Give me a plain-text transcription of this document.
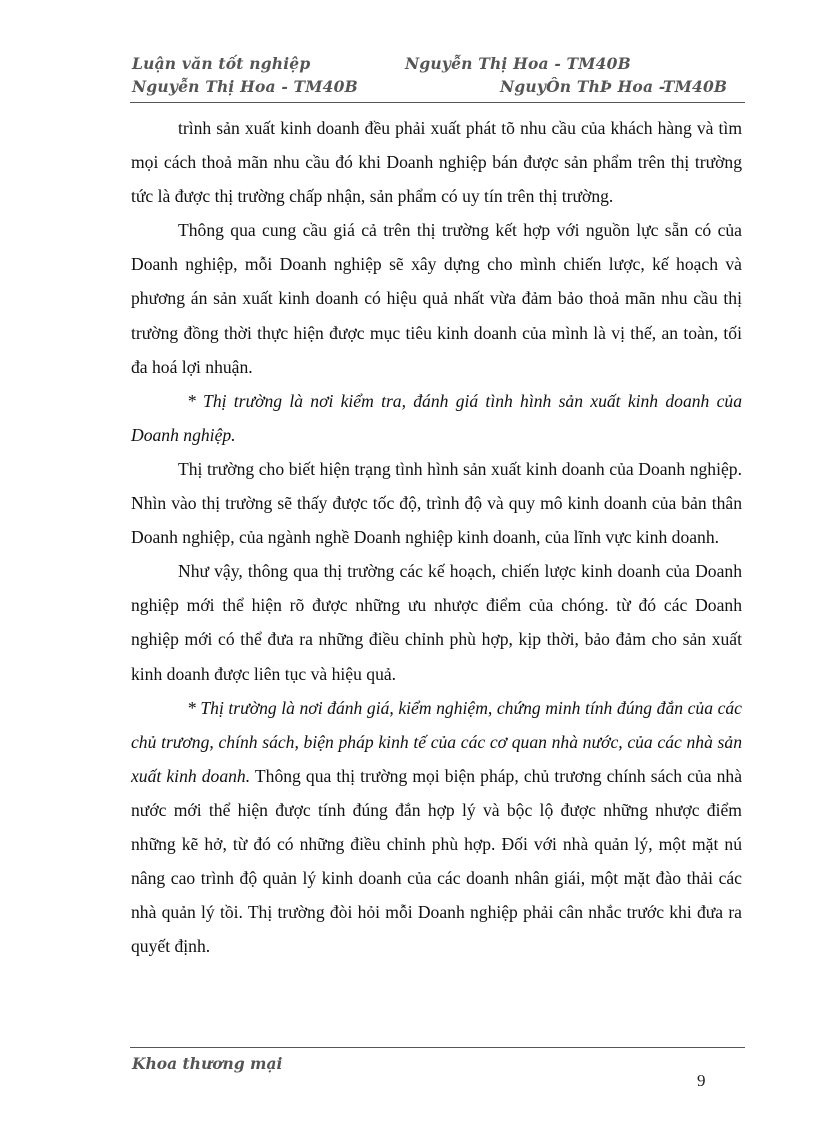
Luận văn tốt nghiệp	Nguyễn Thị Hoa - TM40B
Nguyễn Thị Hoa - TM40B	NguyÔn ThÞ Hoa -TM40B

trình sản xuất kinh doanh đều phải xuất phát tõ nhu cầu của khách hàng và tìm mọi cách thoả mãn nhu cầu đó khi Doanh nghiệp bán được sản phẩm trên thị trường tức là được thị trường chấp nhận, sản phẩm có uy tín trên thị trường.

Thông qua cung cầu giá cả trên thị trường kết hợp với nguồn lực sẵn có của Doanh nghiệp, mỗi Doanh nghiệp sẽ xây dựng cho mình chiến lược, kế hoạch và phương án sản xuất kinh doanh có hiệu quả nhất vừa đảm bảo thoả mãn nhu cầu thị trường đồng thời thực hiện được mục tiêu kinh doanh của mình là vị thế, an toàn, tối đa hoá lợi nhuận.

* Thị trường là nơi kiểm tra, đánh giá tình hình sản xuất kinh doanh của Doanh nghiệp.

Thị trường cho biết hiện trạng tình hình sản xuất kinh doanh của Doanh nghiệp. Nhìn vào thị trường sẽ thấy được tốc độ, trình độ và quy mô kinh doanh của bản thân Doanh nghiệp, của ngành nghề Doanh nghiệp kinh doanh, của lĩnh vực kinh doanh.

Như vậy, thông qua thị trường các kế hoạch, chiến lược kinh doanh của Doanh nghiệp mới thể hiện rõ được những ưu nhược điểm của chóng. từ đó các Doanh nghiệp mới có thể đưa ra những điều chỉnh phù hợp, kịp thời, bảo đảm cho sản xuất kinh doanh được liên tục và hiệu quả.

* Thị trường là nơi đánh giá, kiểm nghiệm, chứng minh tính đúng đắn của các chủ trương, chính sách, biện pháp kinh tế của các cơ quan nhà nước, của các nhà sản xuất kinh doanh. Thông qua thị trường mọi biện pháp, chủ trương chính sách của nhà nước mới thể hiện được tính đúng đắn hợp lý và bộc lộ được những nhược điểm những kẽ hở, từ đó có những điều chỉnh phù hợp. Đối với nhà quản lý, một mặt nú nâng cao trình độ quản lý kinh doanh của các doanh nhân giái, một mặt đào thải các nhà quản lý tồi. Thị trường đòi hỏi mỗi Doanh nghiệp phải cân nhắc trước khi đưa ra quyết định.

Khoa thương mại
9
